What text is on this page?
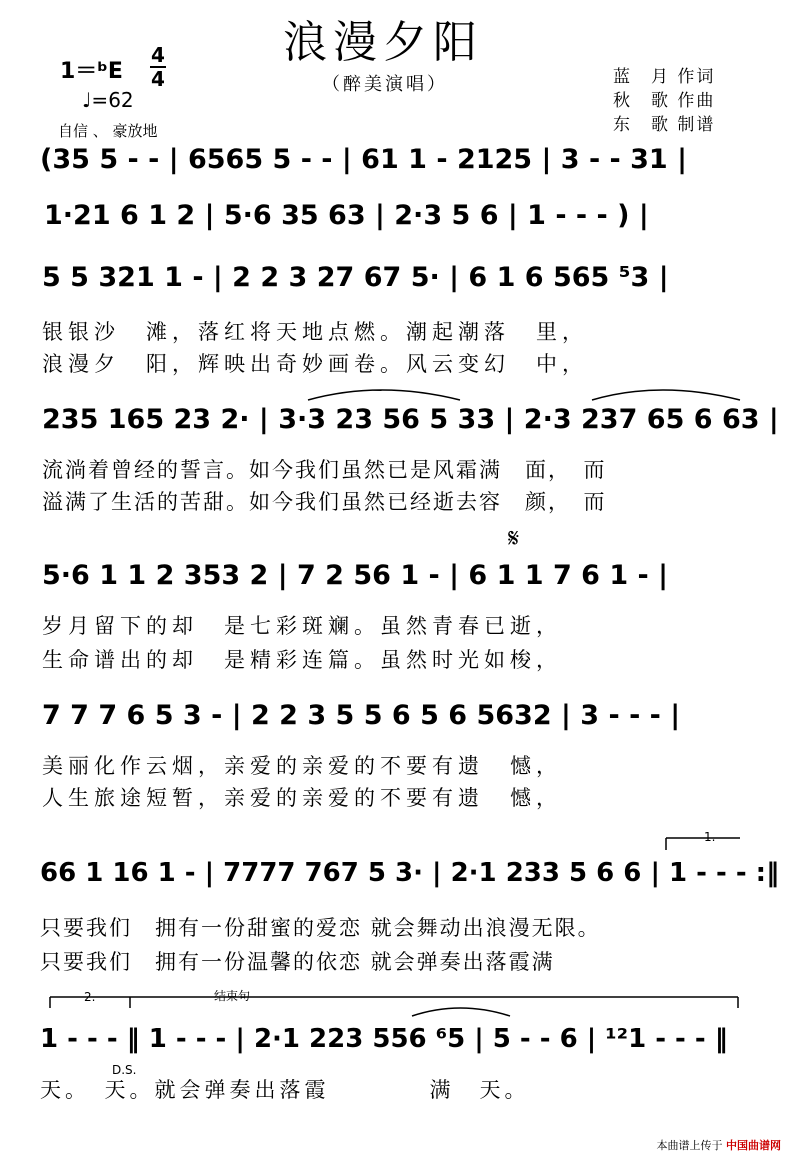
浪漫夕阳
（醉美演唱）
1＝ᵇE
4
4
♩=62
自信 、 豪放地
蓝　月 作词
秋　歌 作曲
东　歌 制谱
(35 5 - - | 6565 5 - - | 61 1 - 2125 | 3 - - 31 |
1·21 6 1 2 | 5·6 35 63 | 2·3 5 6 | 1 - - - ) |
5 5 321 1 - | 2 2 3 27 67 5· | 6 1 6 565 ⁵3 |
银银沙　滩，落红将天地点燃。潮起潮落　里，
浪漫夕　阳，辉映出奇妙画卷。风云变幻　中，
235 165 23 2· | 3·3 23 56 5 33 | 2·3 237 65 6 63 |
流淌着曾经的誓言。如今我们虽然已是风霜满　面，　而
溢满了生活的苦甜。如今我们虽然已经逝去容　颜，　而
5·6 1 1 2 353 2 | 7 2 56 1 - | 6 1 1 7 6 1 - |
岁月留下的却　是七彩斑斓。虽然青春已逝，
生命谱出的却　是精彩连篇。虽然时光如梭，
7 7 7 6 5 3 - | 2 2 3 5 5 6 5 6 5632 | 3 - - - |
美丽化作云烟，亲爱的亲爱的不要有遗　憾，
人生旅途短暂，亲爱的亲爱的不要有遗　憾，
1.
66 1 16 1 - | 7777 767 5 3· | 2·1 233 5 6 6 | 1 - - - :‖
只要我们　拥有一份甜蜜的爱恋 就会舞动出浪漫无限。
只要我们　拥有一份温馨的依恋 就会弹奏出落霞满
2.	结束句
1 - - - ‖ 1 - - - | 2·1 223 556 ⁶5 | 5 - - 6 | ¹²1 - - - ‖
D.S.
天。　天。就会弹奏出落霞　　　　满　天。
𝄋
本曲谱上传于 中国曲谱网
